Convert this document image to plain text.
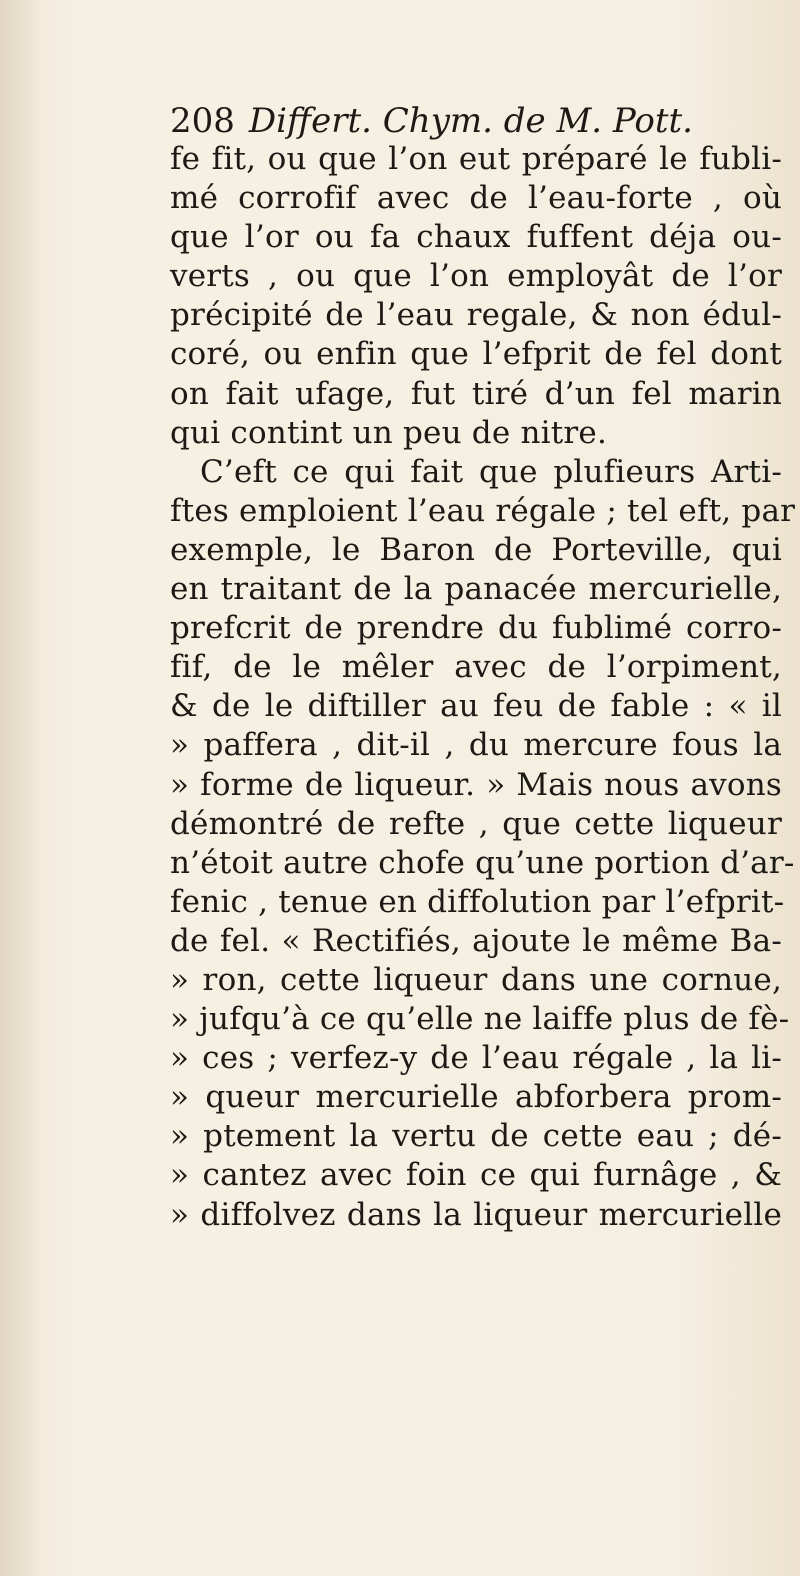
208 Differt. Chym. de M. Pott.
fe fit, ou que l’on eut préparé le fubli-
mé corrofif avec de l’eau-forte , où
que l’or ou fa chaux fuffent déja ou-
verts , ou que l’on employât de l’or
précipité de l’eau regale, & non édul-
coré, ou enfin que l’efprit de fel dont
on fait ufage, fut tiré d’un fel marin
qui contint un peu de nitre.
C’eft ce qui fait que plufieurs Arti-
ftes emploient l’eau régale ; tel eft, par
exemple, le Baron de Porteville, qui
en traitant de la panacée mercurielle,
prefcrit de prendre du fublimé corro-
fif, de le mêler avec de l’orpiment,
& de le diftiller au feu de fable : « il
» paffera , dit-il , du mercure fous la
» forme de liqueur. » Mais nous avons
démontré de refte , que cette liqueur
n’étoit autre chofe qu’une portion d’ar-
fenic , tenue en diffolution par l’efprit-
de fel. « Rectifiés, ajoute le même Ba-
» ron, cette liqueur dans une cornue,
» jufqu’à ce qu’elle ne laiffe plus de fè-
» ces ; verfez-y de l’eau régale , la li-
» queur mercurielle abforbera prom-
» ptement la vertu de cette eau ; dé-
» cantez avec foin ce qui furnâge , &
» diffolvez dans la liqueur mercurielle
